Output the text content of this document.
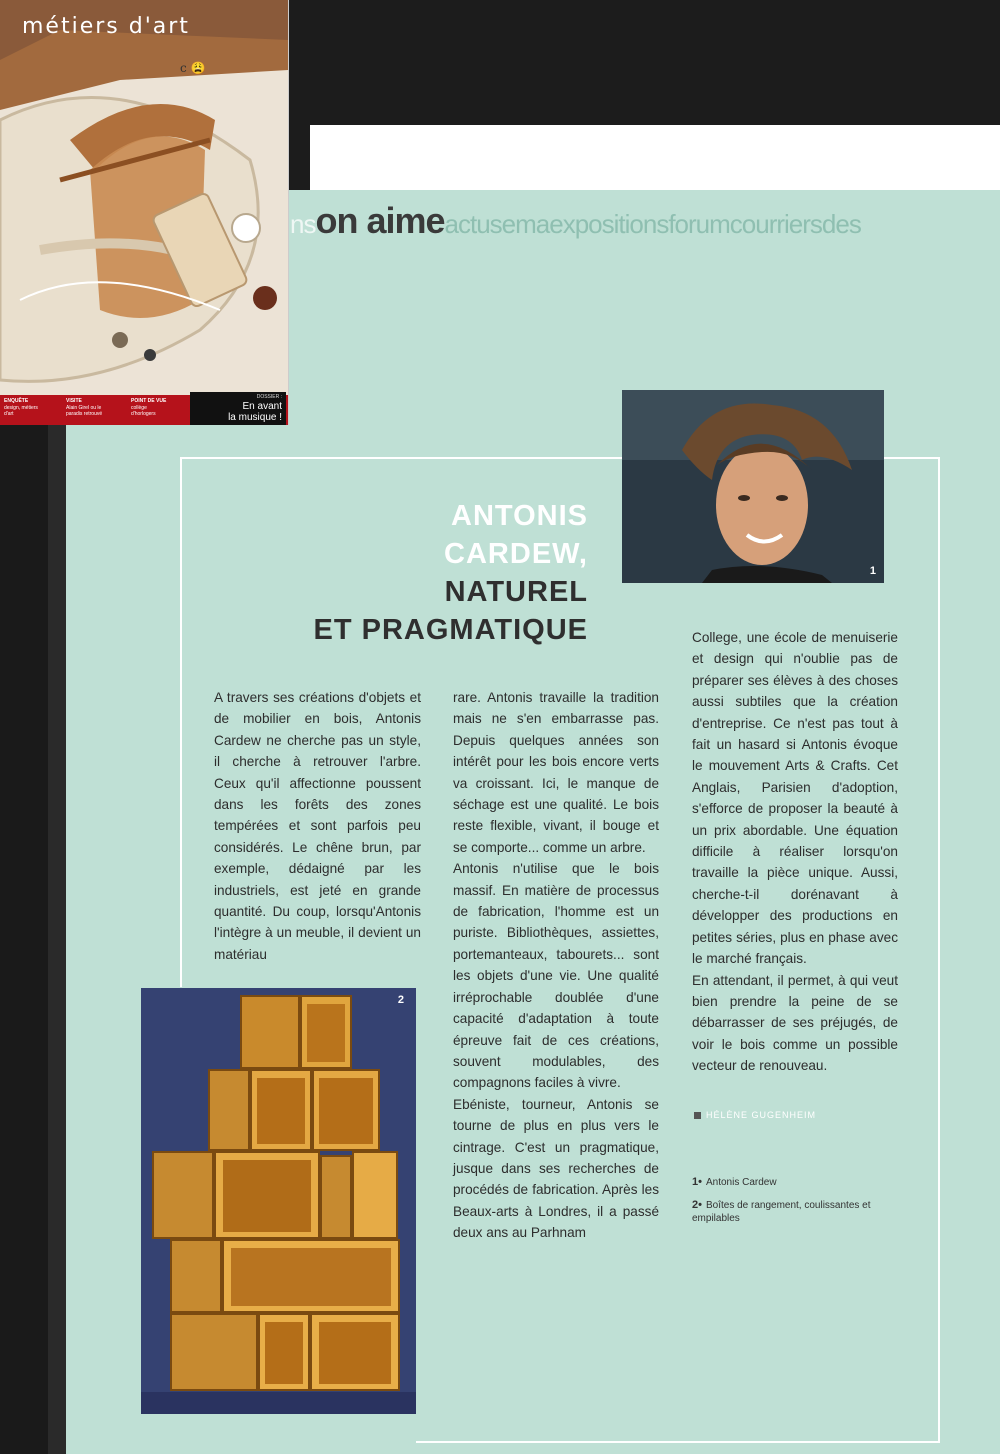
nson aimeactusemaexpositionsforumcourriersdes
c 😩
métiers d'art
ENQUÊTE
design, métiers d'art
VISITE
Alain Girel ou le paradis retrouvé
POINT DE VUE
collège d'horlogers
DOSSIER :
En avant
la musique !
1
ANTONIS
CARDEW,
NATUREL
ET PRAGMATIQUE

A travers ses créations d'objets et de mobilier en bois, Antonis Cardew ne cherche pas un style, il cherche à retrouver l'arbre. Ceux qu'il affectionne poussent dans les forêts des zones tempérées et sont parfois peu considérés. Le chêne brun, par exemple, dédaigné par les industriels, est jeté en grande quantité. Du coup, lorsqu'Antonis l'intègre à un meuble, il devient un matériau

rare. Antonis travaille la tradition mais ne s'en embarrasse pas. Depuis quelques années son intérêt pour les bois encore verts va croissant. Ici, le manque de séchage est une qualité. Le bois reste flexible, vivant, il bouge et se comporte... comme un arbre.

Antonis n'utilise que le bois massif. En matière de processus de fabrication, l'homme est un puriste. Bibliothèques, assiettes, portemanteaux, tabourets... sont les objets d'une vie. Une qualité irréprochable doublée d'une capacité d'adaptation à toute épreuve fait de ces créations, souvent modulables, des compagnons faciles à vivre.

Ebéniste, tourneur, Antonis se tourne de plus en plus vers le cintrage. C'est un pragmatique, jusque dans ses recherches de procédés de fabrication. Après les Beaux-arts à Londres, il a passé deux ans au Parhnam

College, une école de menuiserie et design qui n'oublie pas de préparer ses élèves à des choses aussi subtiles que la création d'entreprise. Ce n'est pas tout à fait un hasard si Antonis évoque le mouvement Arts & Crafts. Cet Anglais, Parisien d'adoption, s'efforce de proposer la beauté à un prix abordable. Une équation difficile à réaliser lorsqu'on travaille la pièce unique. Aussi, cherche-t-il dorénavant à développer des productions en petites séries, plus en phase avec le marché français.

En attendant, il permet, à qui veut bien prendre la peine de se débarrasser de ses préjugés, de voir le bois comme un possible vecteur de renouveau.

2
HÉLÈNE GUGENHEIM
1• Antonis Cardew
2• Boîtes de rangement, coulissantes et empilables
